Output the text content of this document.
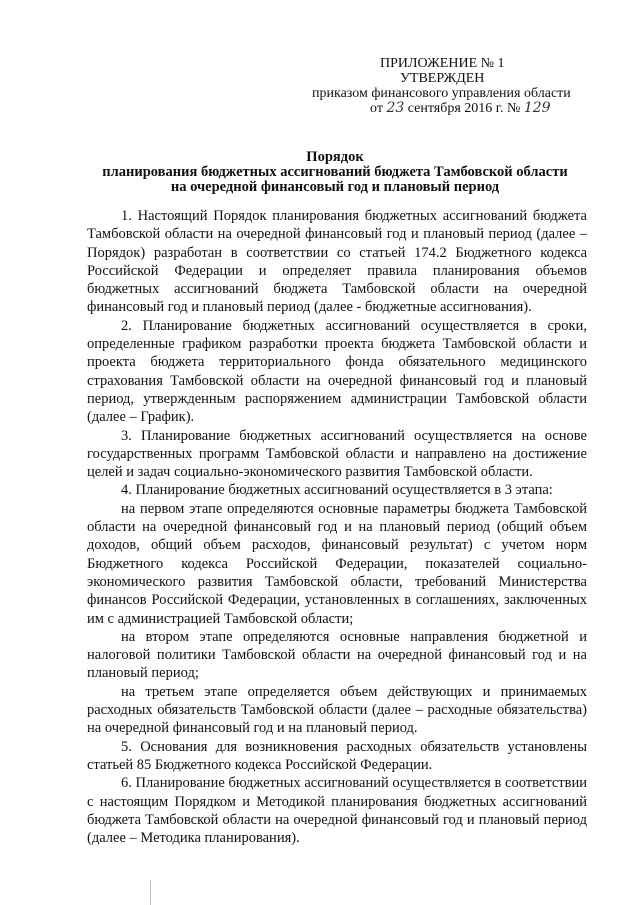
ПРИЛОЖЕНИЕ № 1
УТВЕРЖДЕН
приказом финансового управления области
от 23 сентября 2016 г. № 129
Порядок
планирования бюджетных ассигнований бюджета Тамбовской области
на очередной финансовый год и плановый период

1. Настоящий Порядок планирования бюджетных ассигнований бюджета Тамбовской области на очередной финансовый год и плановый период (далее – Порядок) разработан в соответствии со статьей 174.2 Бюджетного кодекса Российской Федерации и определяет правила планирования объемов бюджетных ассигнований бюджета Тамбовской области на очередной финансовый год и плановый период (далее - бюджетные ассигнования).

2. Планирование бюджетных ассигнований осуществляется в сроки, определенные графиком разработки проекта бюджета Тамбовской области и проекта бюджета территориального фонда обязательного медицинского страхования Тамбовской области на очередной финансовый год и плановый период, утвержденным распоряжением администрации Тамбовской области (далее – График).

3. Планирование бюджетных ассигнований осуществляется на основе государственных программ Тамбовской области и направлено на достижение целей и задач социально-экономического развития Тамбовской области.

4. Планирование бюджетных ассигнований осуществляется в 3 этапа:

на первом этапе определяются основные параметры бюджета Тамбовской области на очередной финансовый год и на плановый период (общий объем доходов, общий объем расходов, финансовый результат) с учетом норм Бюджетного кодекса Российской Федерации, показателей социально-экономического развития Тамбовской области, требований Министерства финансов Российской Федерации, установленных в соглашениях, заключенных им с администрацией Тамбовской области;

на втором этапе определяются основные направления бюджетной и налоговой политики Тамбовской области на очередной финансовый год и на плановый период;

на третьем этапе определяется объем действующих и принимаемых расходных обязательств Тамбовской области (далее – расходные обязательства) на очередной финансовый год и на плановый период.

5. Основания для возникновения расходных обязательств установлены статьей 85 Бюджетного кодекса Российской Федерации.

6. Планирование бюджетных ассигнований осуществляется в соответствии с настоящим Порядком и Методикой планирования бюджетных ассигнований бюджета Тамбовской области на очередной финансовый год и плановый период (далее – Методика планирования).
